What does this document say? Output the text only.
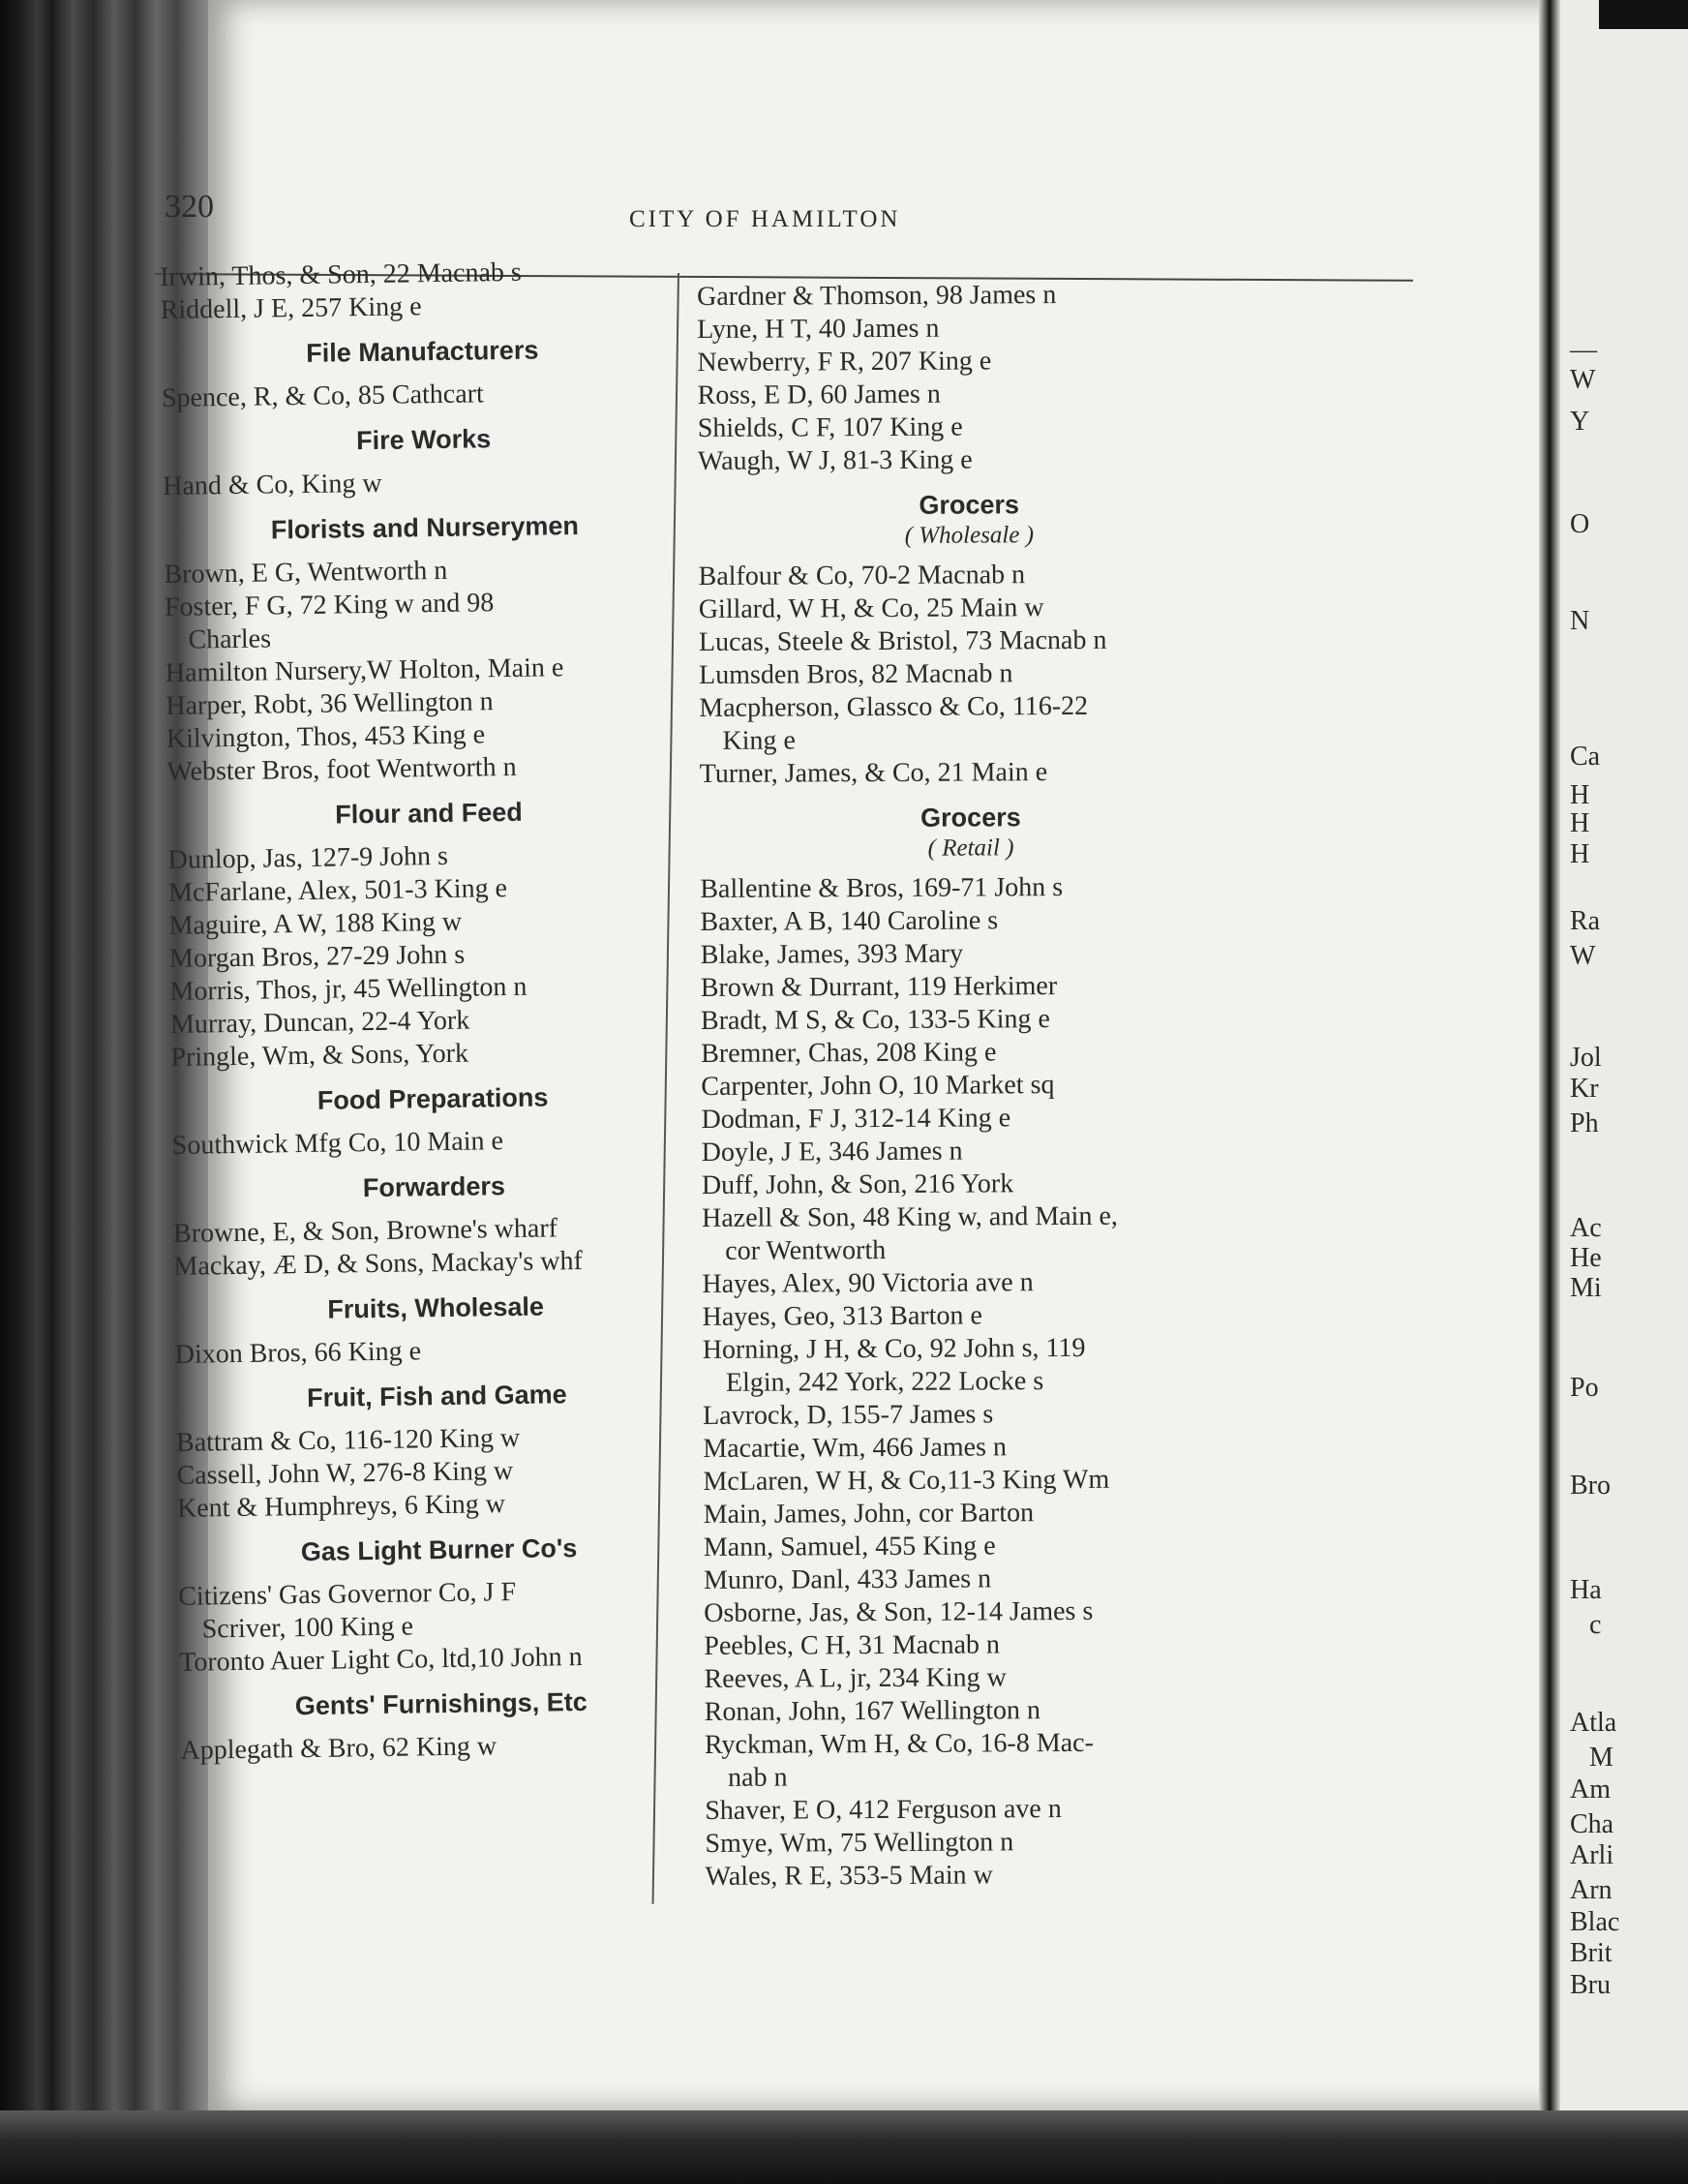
—
W
Y
O
N
Ca
H
H
H
Ra
W
Jol
Kr
Ph
Ac
He
Mi
Po
Bro
Ha
c
Atla
M
Am
Cha
Arli
Arn
Blac
Brit
Bru
320	CITY OF HAMILTON
Irwin, Thos, & Son, 22 Macnab s
Riddell, J E, 257 King e
File Manufacturers
Spence, R, & Co, 85 Cathcart
Fire Works
Hand & Co, King w
Florists and Nurserymen
Brown, E G, Wentworth n
Foster, F G, 72 King w and 98
Charles
Hamilton Nursery,W Holton, Main e
Harper, Robt, 36 Wellington n
Kilvington, Thos, 453 King e
Webster Bros, foot Wentworth n
Flour and Feed
Dunlop, Jas, 127-9 John s
McFarlane, Alex, 501-3 King e
Maguire, A W, 188 King w
Morgan Bros, 27-29 John s
Morris, Thos, jr, 45 Wellington n
Murray, Duncan, 22-4 York
Pringle, Wm, & Sons, York
Food Preparations
Southwick Mfg Co, 10 Main e
Forwarders
Browne, E, & Son, Browne's wharf
Mackay, Æ D, & Sons, Mackay's whf
Fruits, Wholesale
Dixon Bros, 66 King e
Fruit, Fish and Game
Battram & Co, 116-120 King w
Cassell, John W, 276-8 King w
Kent & Humphreys, 6 King w
Gas Light Burner Co's
Citizens' Gas Governor Co, J F
Scriver, 100 King e
Toronto Auer Light Co, ltd,10 John n
Gents' Furnishings, Etc
Applegath & Bro, 62 King w
Gardner & Thomson, 98 James n
Lyne, H T, 40 James n
Newberry, F R, 207 King e
Ross, E D, 60 James n
Shields, C F, 107 King e
Waugh, W J, 81-3 King e
Grocers
( Wholesale )
Balfour & Co, 70-2 Macnab n
Gillard, W H, & Co, 25 Main w
Lucas, Steele & Bristol, 73 Macnab n
Lumsden Bros, 82 Macnab n
Macpherson, Glassco & Co, 116-22
King e
Turner, James, & Co, 21 Main e
Grocers
( Retail )
Ballentine & Bros, 169-71 John s
Baxter, A B, 140 Caroline s
Blake, James, 393 Mary
Brown & Durrant, 119 Herkimer
Bradt, M S, & Co, 133-5 King e
Bremner, Chas, 208 King e
Carpenter, John O, 10 Market sq
Dodman, F J, 312-14 King e
Doyle, J E, 346 James n
Duff, John, & Son, 216 York
Hazell & Son, 48 King w, and Main e,
cor Wentworth
Hayes, Alex, 90 Victoria ave n
Hayes, Geo, 313 Barton e
Horning, J H, & Co, 92 John s, 119
Elgin, 242 York, 222 Locke s
Lavrock, D, 155-7 James s
Macartie, Wm, 466 James n
McLaren, W H, & Co,11-3 King Wm
Main, James, John, cor Barton
Mann, Samuel, 455 King e
Munro, Danl, 433 James n
Osborne, Jas, & Son, 12-14 James s
Peebles, C H, 31 Macnab n
Reeves, A L, jr, 234 King w
Ronan, John, 167 Wellington n
Ryckman, Wm H, & Co, 16-8 Mac-
nab n
Shaver, E O, 412 Ferguson ave n
Smye, Wm, 75 Wellington n
Wales, R E, 353-5 Main w
